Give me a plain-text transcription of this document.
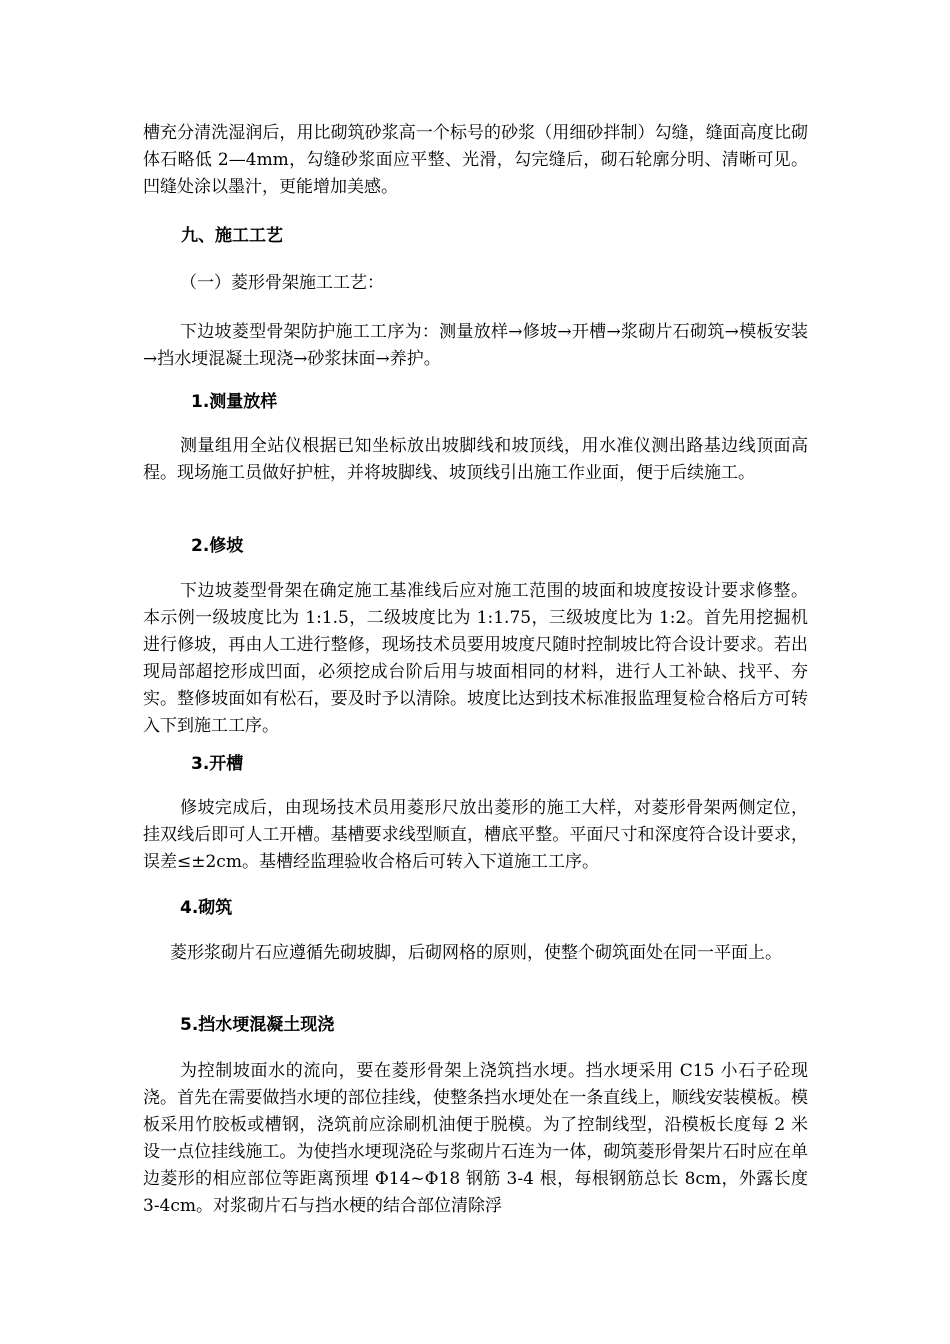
槽充分清洗湿润后，用比砌筑砂浆高一个标号的砂浆（用细砂拌制）勾缝，缝面高度比砌体石略低 2—4mm，勾缝砂浆面应平整、光滑，勾完缝后，砌石轮廓分明、清晰可见。凹缝处涂以墨汁，更能增加美感。

九、施工工艺

（一）菱形骨架施工工艺：

下边坡菱型骨架防护施工工序为：测量放样→修坡→开槽→浆砌片石砌筑→模板安装→挡水埂混凝土现浇→砂浆抹面→养护。

1.测量放样

测量组用全站仪根据已知坐标放出坡脚线和坡顶线，用水准仪测出路基边线顶面高程。现场施工员做好护桩，并将坡脚线、坡顶线引出施工作业面，便于后续施工。

2.修坡

下边坡菱型骨架在确定施工基准线后应对施工范围的坡面和坡度按设计要求修整。本示例一级坡度比为 1:1.5，二级坡度比为 1:1.75，三级坡度比为 1:2。首先用挖掘机进行修坡，再由人工进行整修，现场技术员要用坡度尺随时控制坡比符合设计要求。若出现局部超挖形成凹面，必须挖成台阶后用与坡面相同的材料，进行人工补缺、找平、夯实。整修坡面如有松石，要及时予以清除。坡度比达到技术标准报监理复检合格后方可转入下到施工工序。

3.开槽

修坡完成后，由现场技术员用菱形尺放出菱形的施工大样，对菱形骨架两侧定位，挂双线后即可人工开槽。基槽要求线型顺直，槽底平整。平面尺寸和深度符合设计要求，误差≤±2cm。基槽经监理验收合格后可转入下道施工工序。

4.砌筑

菱形浆砌片石应遵循先砌坡脚，后砌网格的原则，使整个砌筑面处在同一平面上。

5.挡水埂混凝土现浇

为控制坡面水的流向，要在菱形骨架上浇筑挡水埂。挡水埂采用 C15 小石子砼现浇。首先在需要做挡水埂的部位挂线，使整条挡水埂处在一条直线上，顺线安装模板。模板采用竹胶板或槽钢，浇筑前应涂刷机油便于脱模。为了控制线型，沿模板长度每 2 米设一点位挂线施工。为使挡水埂现浇砼与浆砌片石连为一体，砌筑菱形骨架片石时应在单边菱形的相应部位等距离预埋 Φ14~Φ18 钢筋 3-4 根，每根钢筋总长 8cm，外露长度 3-4cm。对浆砌片石与挡水梗的结合部位清除浮
